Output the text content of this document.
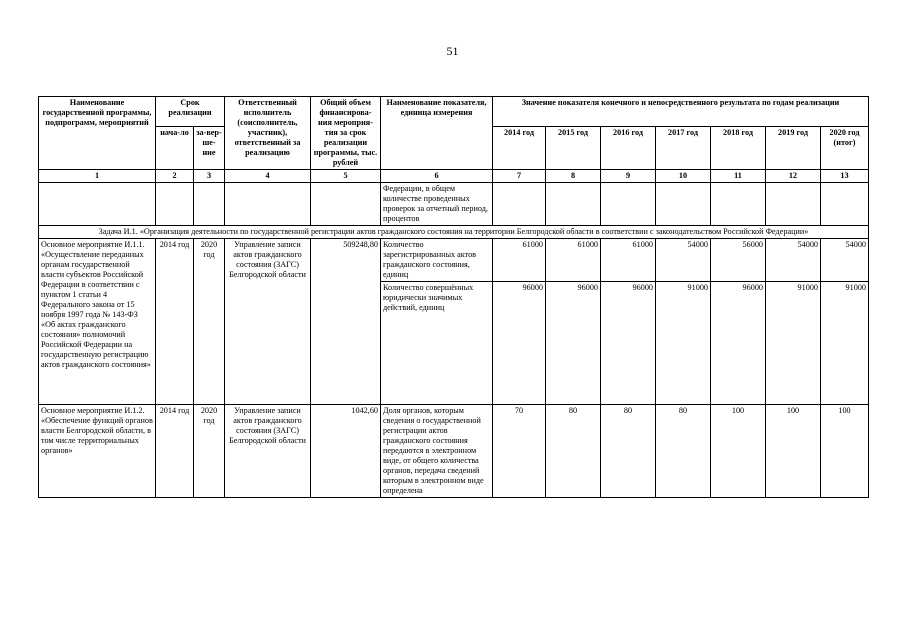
51
Наименование государственной программы, подпрограмм, мероприятий	Срок реализации		Ответственный исполнитель (соисполнитель, участник), ответственный за реализацию	Общий объем финансирова-ния мероприя-тия за срок реализации программы, тыс. рублей	Наименование показателя, единица измерения	Значение показателя конечного и непосредственного результата по годам реализации						
	нача-ло	за-вер-ше-ние				2014 год	2015 год	2016 год	2017 год	2018 год	2019 год	2020 год (итог)
1	2	3	4	5	6	7	8	9	10	11	12	13
					Федерации, в общем количестве проведенных проверок за отчетный период, процентов							
Задача И.1. «Организация деятельности по государственной регистрации актов гражданского состояния на территории Белгородской области в соответствии с законодательством Российской Федерации»												
Основное мероприятие И.1.1. «Осуществление переданных органам государственной власти субъектов Российской Федерации в соответствии с пунктом 1 статьи 4 Федерального закона от 15 ноября 1997 года № 143-ФЗ «Об актах гражданского состояния» полномочий Российской Федерации на государственную регистрацию актов гражданского состояния»	2014 год	2020 год	Управление записи актов гражданского состояния (ЗАГС) Белгородской области	509248,80	Количество зарегистрированных актов гражданского состояния, единиц	61000	61000	61000	54000	56000	54000	54000
					Количество совершённых юридически значимых действий, единиц	96000	96000	96000	91000	96000	91000	91000
Основное мероприятие И.1.2. «Обеспечение функций органов власти Белгородской области, в том числе территориальных органов»	2014 год	2020 год	Управление записи актов гражданского состояния (ЗАГС) Белгородской области	1042,60	Доля органов, которым сведения о государственной регистрации актов гражданского состояния передаются в электронном виде, от общего количества органов, передача сведений которым в электронном виде определена	70	80	80	80	100	100	100
